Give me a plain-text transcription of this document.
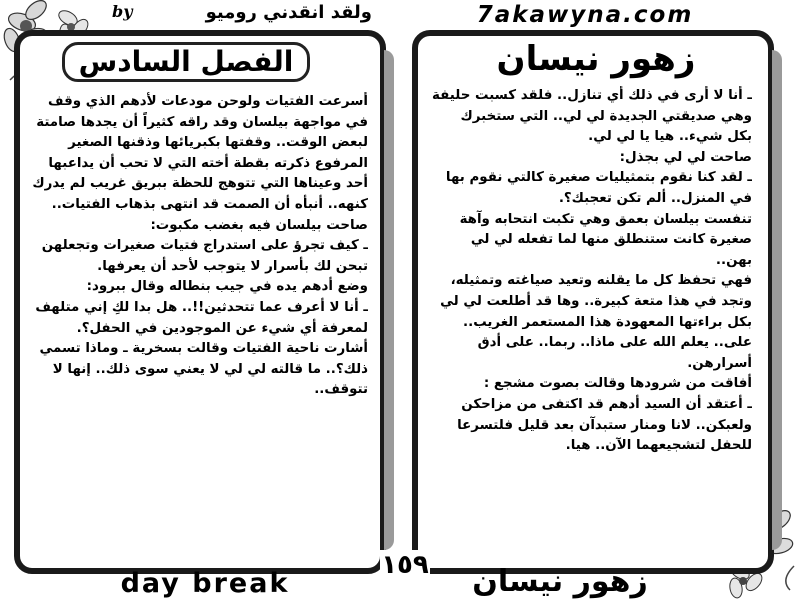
by	ولقد انقدني روميو	7akawyna.com
الفصل السادس

أسرعت الفتيات ولوحن مودعات لأدهم الذي وقف في مواجهة بيلسان وقد راقه كثيراً أن يجدها صامتة لبعض الوقت.. وقفتها بكبريائها وذقنها الصغير المرفوع ذكرته بقطة أخته التي لا تحب أن يداعبها أحد وعيناها التي تتوهج للحظة ببريق غريب لم يدرك كنهه.. أنبأه أن الصمت قد انتهى بذهاب الفتيات..

صاحت بيلسان فيه بغضب مكبوت:

ـ كيف تجرؤ على استدراج فتيات صغيرات وتجعلهن تبحن لك بأسرار لا يتوجب لأحد أن يعرفها.

وضع أدهم يده في جيب بنطاله وقال ببرود:

ـ أنا لا أعرف عما تتحدثين!!.. هل بدا لكِ إني متلهف لمعرفة أي شيء عن الموجودين في الحفل؟.

أشارت ناحية الفتيات وقالت بسخرية ـ وماذا تسمي ذلك؟.. ما قالته لي لي لا يعني سوى ذلك.. إنها لا تتوقف..

زهور نيسان

ـ أنا لا أرى في ذلك أي تنازل.. فلقد كسبت حليفة وهي صديقتي الجديدة لي لي.. التي ستخبرك بكل شيء.. هيا يا لي لي.

صاحت لي لي بجذل:

ـ لقد كنا نقوم بتمثيليات صغيرة كالتي نقوم بها في المنزل.. ألم تكن تعجبك؟.

تنفست بيلسان بعمق وهي تكبت انتحابه وآهة صغيرة كانت ستنطلق منها لما تفعله لي لي بهن..

فهي تحفظ كل ما يقلنه وتعيد صياغته وتمثيله، وتجد في هذا متعة كبيرة.. وها قد أطلعت لي لي بكل براءتها المعهودة هذا المستعمر الغريب.. على.. يعلم الله على ماذا.. ربما.. على أدق أسرارهن.

أفاقت من شرودها وقالت بصوت مشجع :

ـ أعتقد أن السيد أدهم قد اكتفى من مزاحكن ولعبكن.. لانا ومنار ستبدآن بعد قليل فلتسرعا للحفل لتشجيعهما الآن.. هيا.

١٥٩
day break	زهور نيسان
